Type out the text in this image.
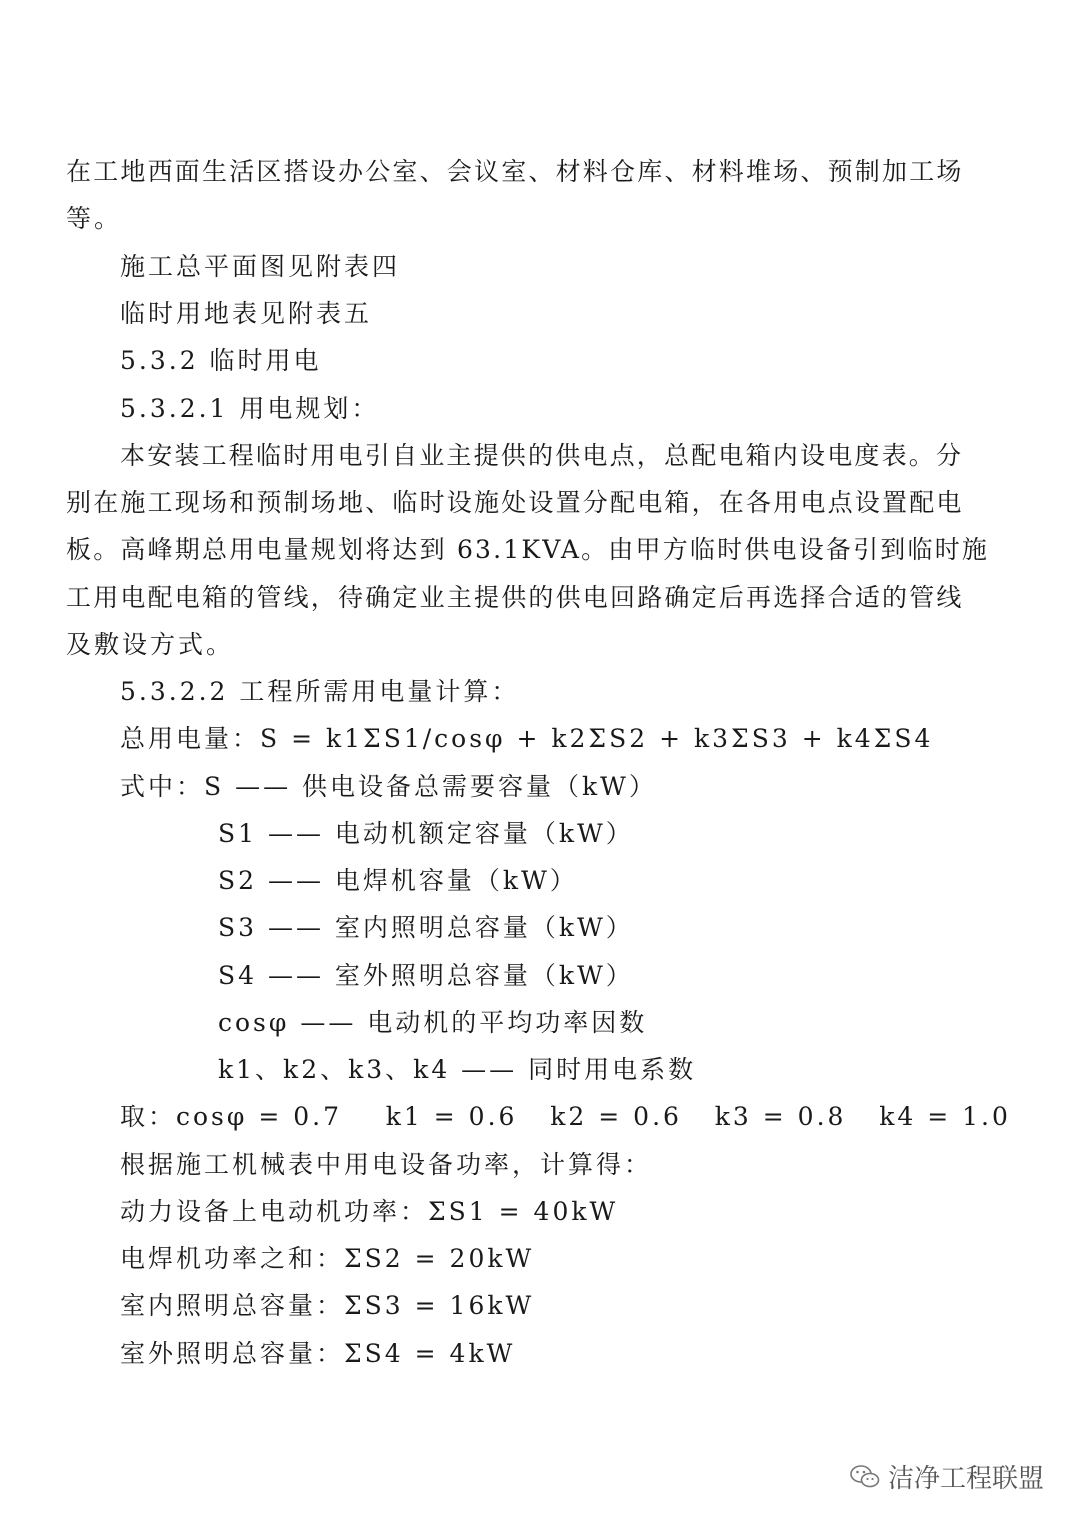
在工地西面生活区搭设办公室、会议室、材料仓库、材料堆场、预制加工场
等。
施工总平面图见附表四
临时用地表见附表五
5.3.2 临时用电
5.3.2.1 用电规划：
本安装工程临时用电引自业主提供的供电点，总配电箱内设电度表。分
别在施工现场和预制场地、临时设施处设置分配电箱，在各用电点设置配电
板。高峰期总用电量规划将达到 63.1KVA。由甲方临时供电设备引到临时施
工用电配电箱的管线，待确定业主提供的供电回路确定后再选择合适的管线
及敷设方式。
5.3.2.2 工程所需用电量计算：
总用电量：S = k1ΣS1/cosφ + k2ΣS2 + k3ΣS3 + k4ΣS4
式中：S —— 供电设备总需要容量（kW）
S1 —— 电动机额定容量（kW）
S2 —— 电焊机容量（kW）
S3 —— 室内照明总容量（kW）
S4 —— 室外照明总容量（kW）
cosφ —— 电动机的平均功率因数
k1、k2、k3、k4 —— 同时用电系数
取：cosφ = 0.7    k1 = 0.6   k2 = 0.6   k3 = 0.8   k4 = 1.0
根据施工机械表中用电设备功率，计算得：
动力设备上电动机功率：ΣS1 = 40kW
电焊机功率之和：ΣS2 = 20kW
室内照明总容量：ΣS3 = 16kW
室外照明总容量：ΣS4 = 4kW
洁净工程联盟
